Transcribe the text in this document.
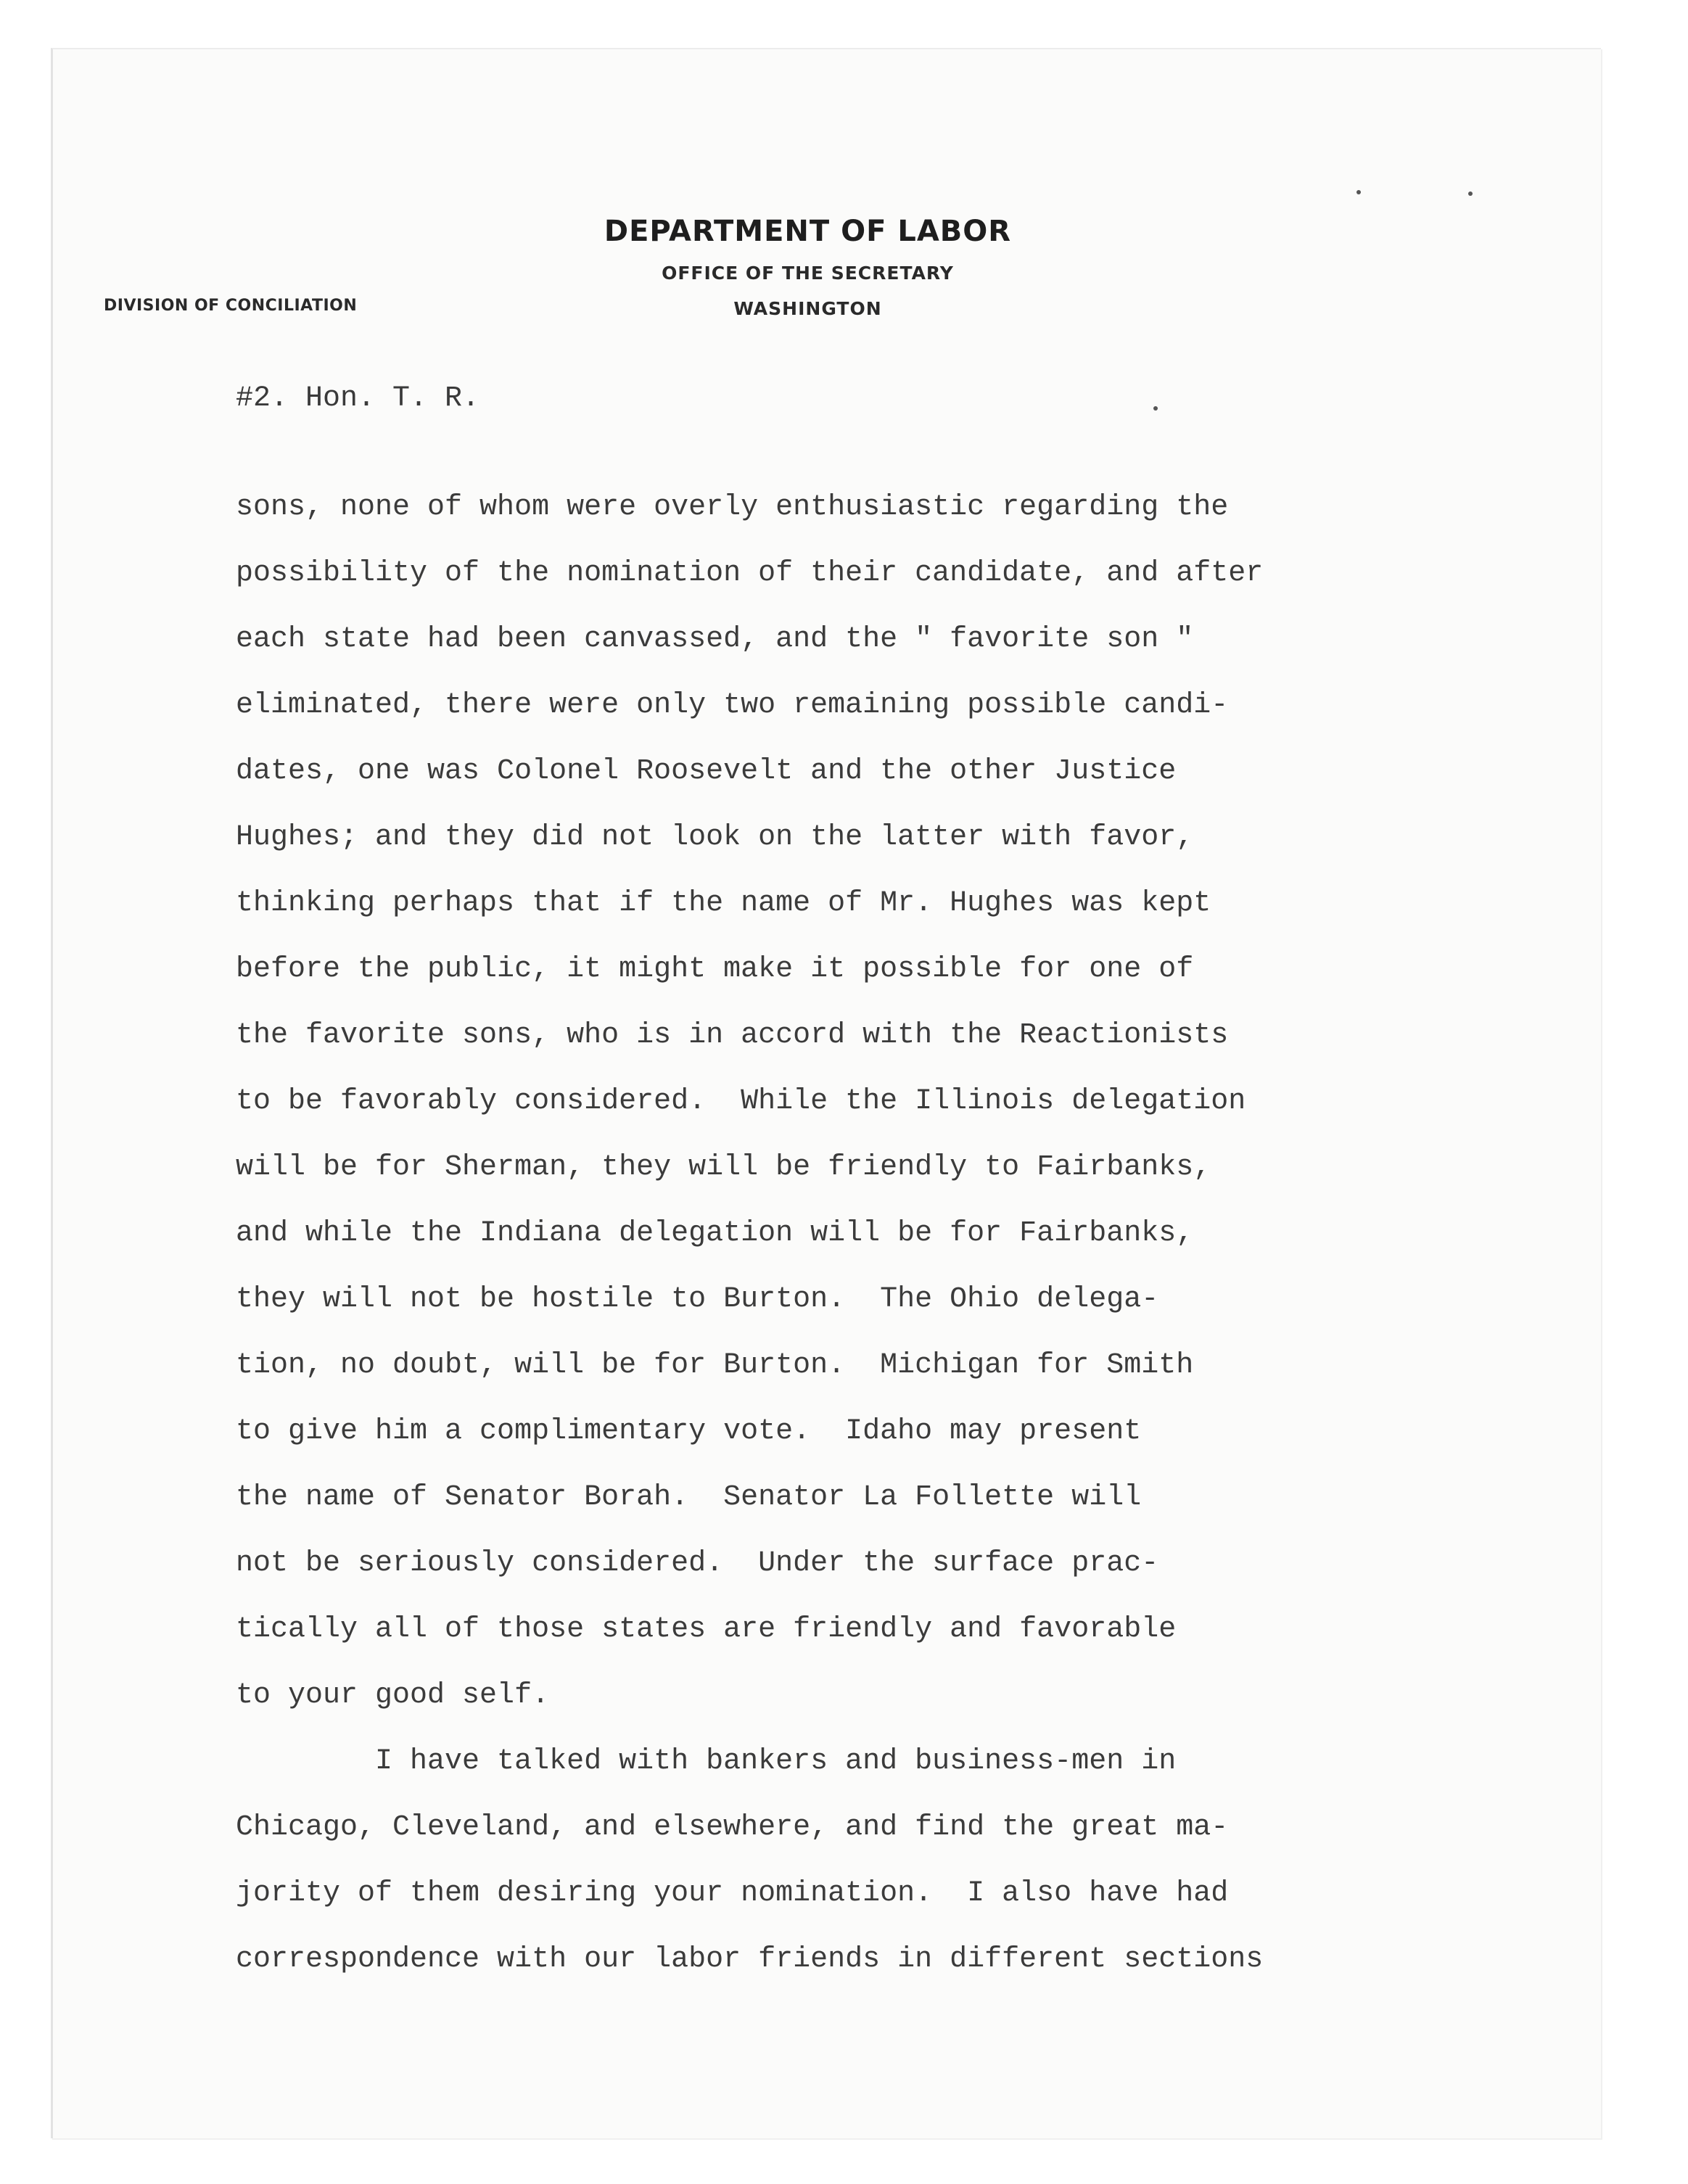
DEPARTMENT OF LABOR
OFFICE OF THE SECRETARY
WASHINGTON
DIVISION OF CONCILIATION
#2. Hon. T. R.
sons, none of whom were overly enthusiastic regarding the
possibility of the nomination of their candidate, and after
each state had been canvassed, and the " favorite son "
eliminated, there were only two remaining possible candi-
dates, one was Colonel Roosevelt and the other Justice
Hughes; and they did not look on the latter with favor,
thinking perhaps that if the name of Mr. Hughes was kept
before the public, it might make it possible for one of
the favorite sons, who is in accord with the Reactionists
to be favorably considered.  While the Illinois delegation
will be for Sherman, they will be friendly to Fairbanks,
and while the Indiana delegation will be for Fairbanks,
they will not be hostile to Burton.  The Ohio delega-
tion, no doubt, will be for Burton.  Michigan for Smith
to give him a complimentary vote.  Idaho may present
the name of Senator Borah.  Senator La Follette will
not be seriously considered.  Under the surface prac-
tically all of those states are friendly and favorable
to your good self.
I have talked with bankers and business-men in
Chicago, Cleveland, and elsewhere, and find the great ma-
jority of them desiring your nomination.  I also have had
correspondence with our labor friends in different sections
